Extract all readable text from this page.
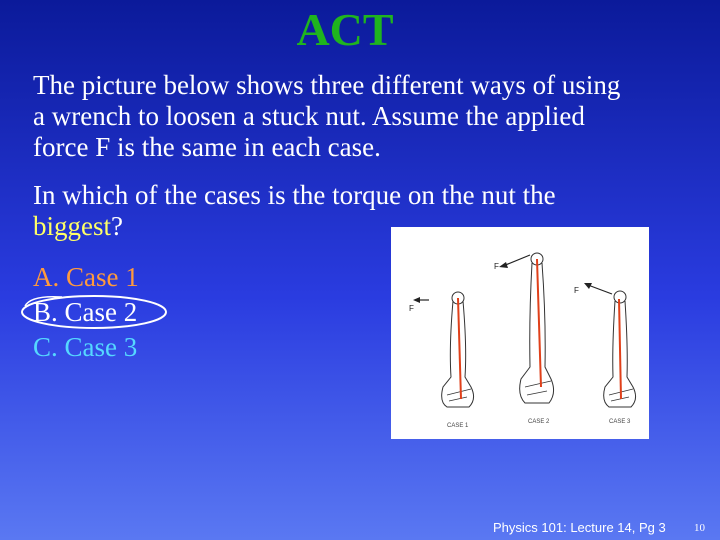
ACT

The picture below shows three different ways of using a wrench to loosen a stuck nut. Assume the applied force F is the same in each case.

In which of the cases is the torque on the nut the biggest?

A. Case 1
B. Case 2
C. Case 3
F
F
F
CASE 1
CASE 2	CASE 3
Physics 101: Lecture 14, Pg 3	10
